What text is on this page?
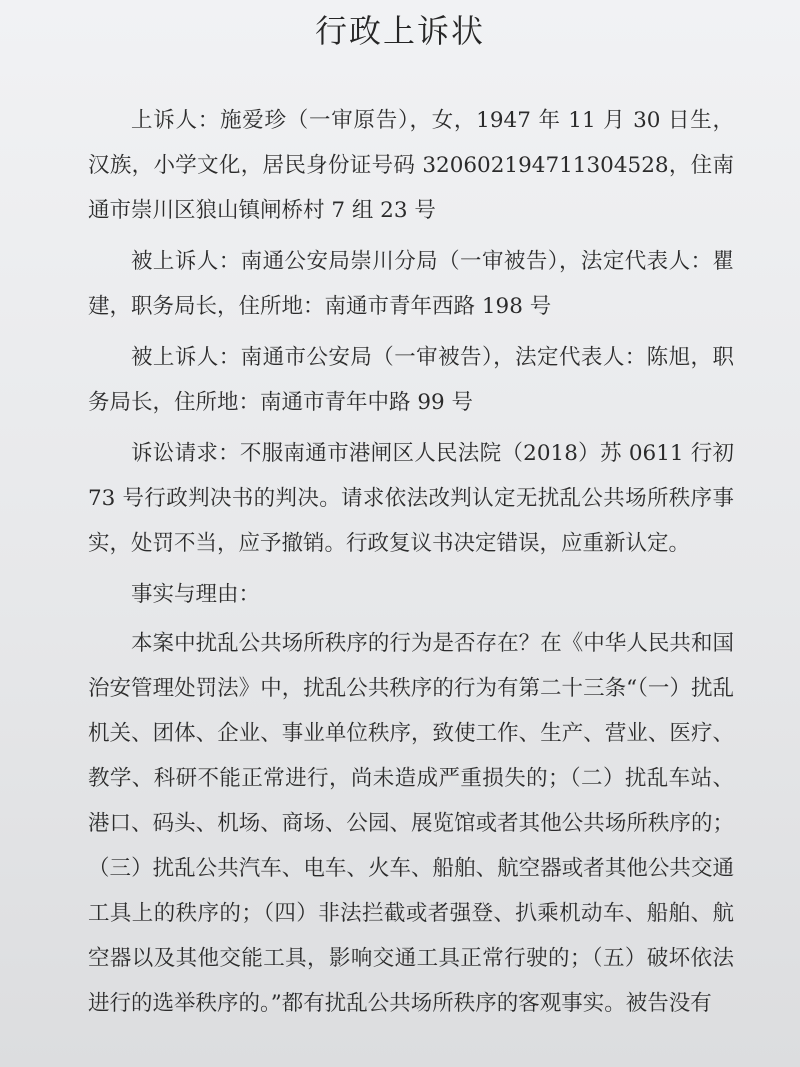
行政上诉状

上诉人：施爱珍（一审原告），女，1947 年 11 月 30 日生，汉族，小学文化，居民身份证号码 320602194711304528，住南通市崇川区狼山镇闸桥村 7 组 23 号

被上诉人：南通公安局崇川分局（一审被告），法定代表人：瞿建，职务局长，住所地：南通市青年西路 198 号

被上诉人：南通市公安局（一审被告），法定代表人：陈旭，职务局长，住所地：南通市青年中路 99 号

诉讼请求：不服南通市港闸区人民法院（2018）苏 0611 行初 73 号行政判决书的判决。请求依法改判认定无扰乱公共场所秩序事实，处罚不当，应予撤销。行政复议书决定错误，应重新认定。

事实与理由：

本案中扰乱公共场所秩序的行为是否存在？在《中华人民共和国治安管理处罚法》中，扰乱公共秩序的行为有第二十三条“（一）扰乱机关、团体、企业、事业单位秩序，致使工作、生产、营业、医疗、教学、科研不能正常进行，尚未造成严重损失的；（二）扰乱车站、港口、码头、机场、商场、公园、展览馆或者其他公共场所秩序的；（三）扰乱公共汽车、电车、火车、船舶、航空器或者其他公共交通工具上的秩序的；（四）非法拦截或者强登、扒乘机动车、船舶、航空器以及其他交能工具，影响交通工具正常行驶的；（五）破坏依法进行的选举秩序的。”都有扰乱公共场所秩序的客观事实。被告没有
